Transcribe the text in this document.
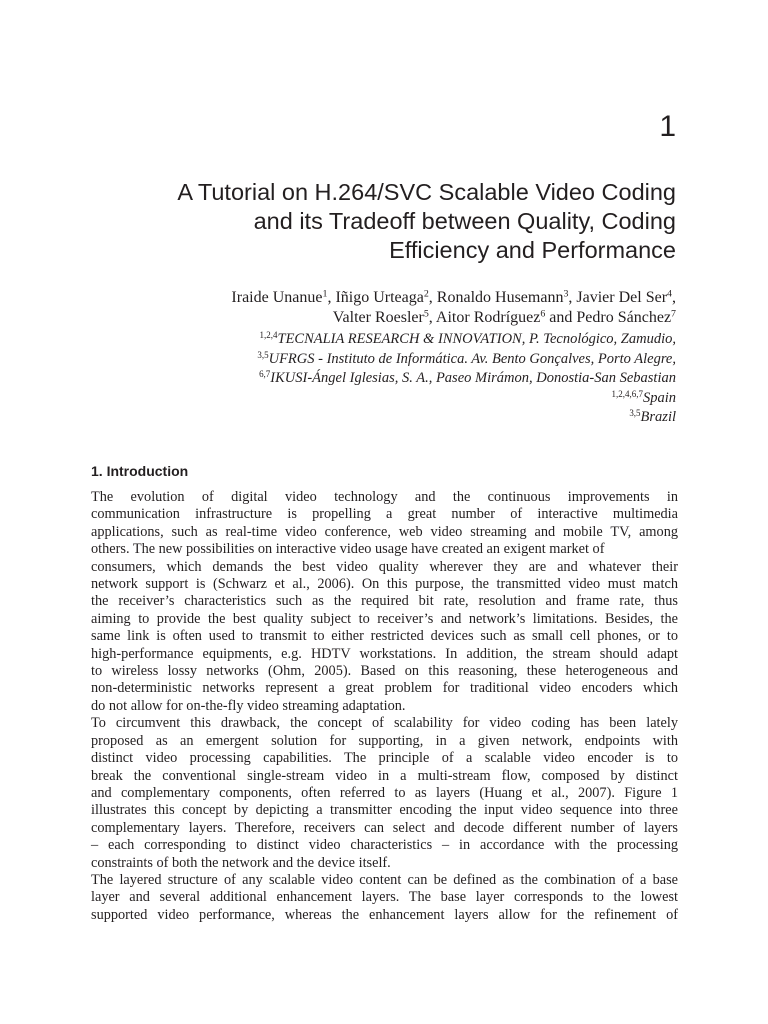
1
A Tutorial on H.264/SVC Scalable Video Coding
and its Tradeoff between Quality, Coding
Efficiency and Performance
Iraide Unanue$^1$, Iñigo Urteaga$^2$, Ronaldo Husemann$^3$, Javier Del Ser$^4$,
Valter Roesler$^5$, Aitor Rodríguez$^6$ and Pedro Sánchez$^7$
$^{1,2,4}$TECNALIA RESEARCH & INNOVATION, P. Tecnológico, Zamudio,
$^{3,5}$UFRGS - Instituto de Informática. Av. Bento Gonçalves, Porto Alegre,
$^{6,7}$IKUSI-Ángel Iglesias, S. A., Paseo Mirámon, Donostia-San Sebastian
$^{1,2,4,6,7}$Spain
$^{3,5}$Brazil
1. Introduction

The evolution of digital video technology and the continuous improvements in
communication infrastructure is propelling a great number of interactive multimedia
applications, such as real-time video conference, web video streaming and mobile TV, among
others. The new possibilities on interactive video usage have created an exigent market of
consumers, which demands the best video quality wherever they are and whatever their
network support is (Schwarz et al., 2006). On this purpose, the transmitted video must match
the receiver’s characteristics such as the required bit rate, resolution and frame rate, thus
aiming to provide the best quality subject to receiver’s and network’s limitations. Besides, the
same link is often used to transmit to either restricted devices such as small cell phones, or to
high-performance equipments, e.g. HDTV workstations. In addition, the stream should adapt
to wireless lossy networks (Ohm, 2005). Based on this reasoning, these heterogeneous and
non-deterministic networks represent a great problem for traditional video encoders which
do not allow for on-the-fly video streaming adaptation.

To circumvent this drawback, the concept of scalability for video coding has been lately
proposed as an emergent solution for supporting, in a given network, endpoints with
distinct video processing capabilities. The principle of a scalable video encoder is to
break the conventional single-stream video in a multi-stream flow, composed by distinct
and complementary components, often referred to as layers (Huang et al., 2007). Figure 1
illustrates this concept by depicting a transmitter encoding the input video sequence into three
complementary layers. Therefore, receivers can select and decode different number of layers
– each corresponding to distinct video characteristics – in accordance with the processing
constraints of both the network and the device itself.

The layered structure of any scalable video content can be defined as the combination of a base
layer and several additional enhancement layers. The base layer corresponds to the lowest
supported video performance, whereas the enhancement layers allow for the refinement of
